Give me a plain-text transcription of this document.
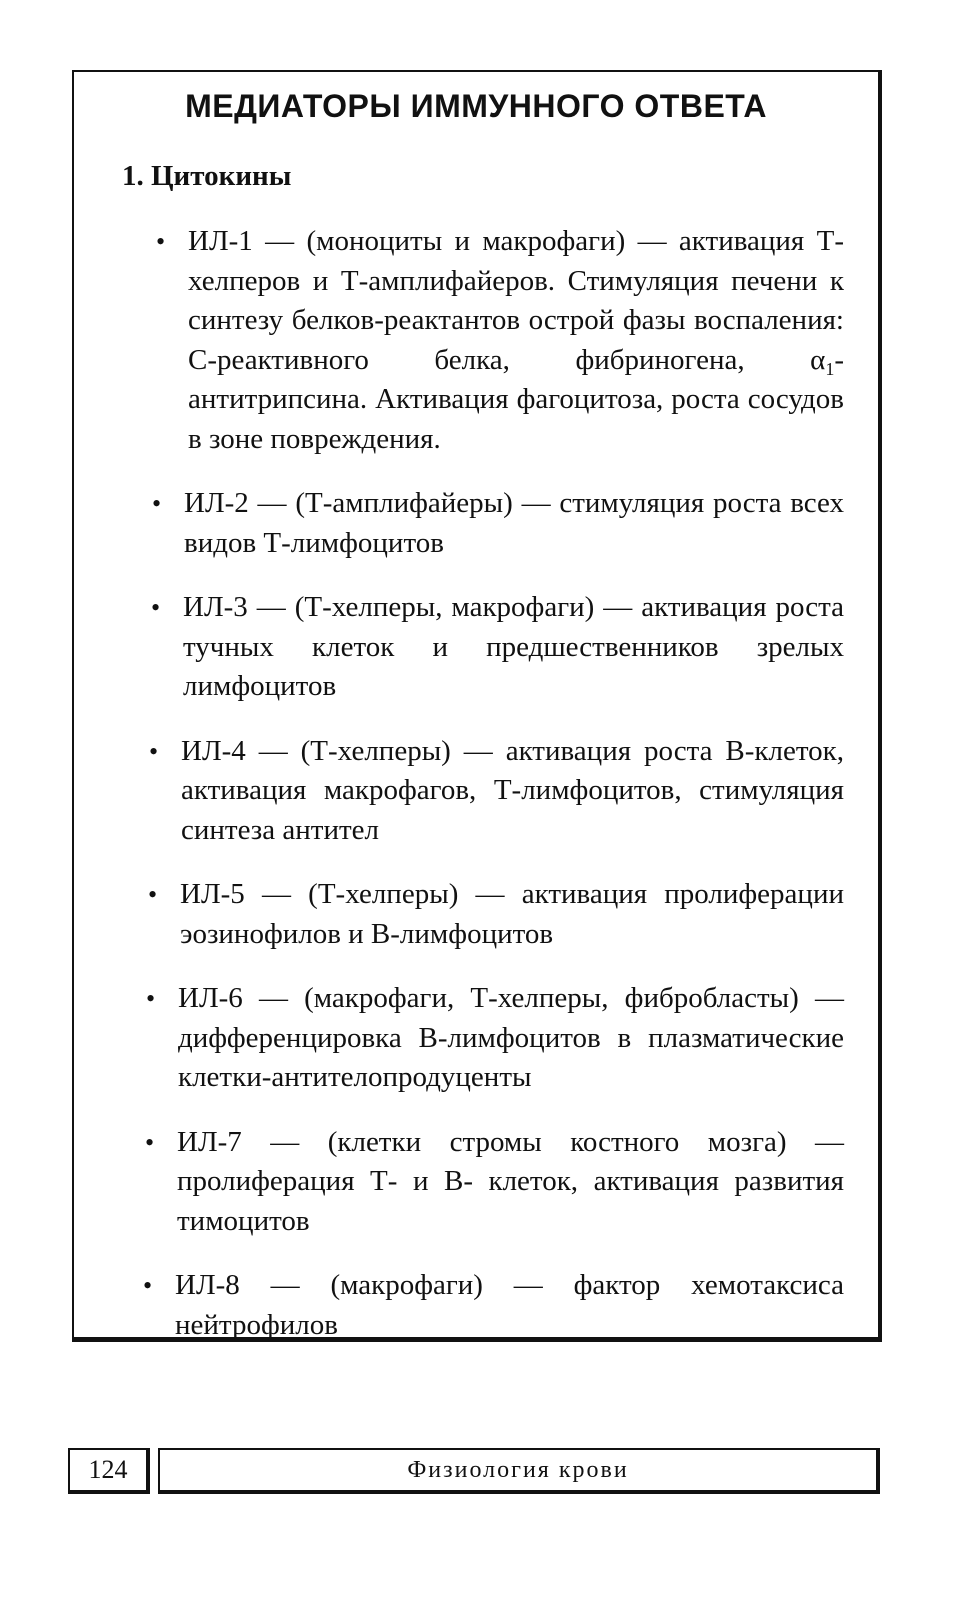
МЕДИАТОРЫ ИММУННОГО ОТВЕТА
1. Цитокины
• ИЛ-1 — (моноциты и макрофаги) — активация Т-хелперов и Т-амплифайеров. Стимуляция печени к синтезу белков-реактантов острой фазы воспаления: С-реактивного белка, фибриногена, $\alpha_1$-антитрипсина. Активация фагоцитоза, роста сосудов в зоне повреждения.
• ИЛ-2 — (Т-амплифайеры) — стимуляция роста всех видов Т-лимфоцитов
• ИЛ-3 — (Т-хелперы, макрофаги) — активация роста тучных клеток и предшественников зрелых лимфоцитов
• ИЛ-4 — (Т-хелперы) — активация роста В-клеток, активация макрофагов, Т-лимфоцитов, стимуляция синтеза антител
• ИЛ-5 — (Т-хелперы) — активация пролиферации эозинофилов и В-лимфоцитов
• ИЛ-6 — (макрофаги, Т-хелперы, фибробласты) — дифференцировка В-лимфоцитов в плазматические клетки-антителопродуценты
• ИЛ-7 — (клетки стромы костного мозга) — пролиферация Т- и В- клеток, активация развития тимоцитов
• ИЛ-8 — (макрофаги) — фактор хемотаксиса нейтрофилов
124	Физиология крови
